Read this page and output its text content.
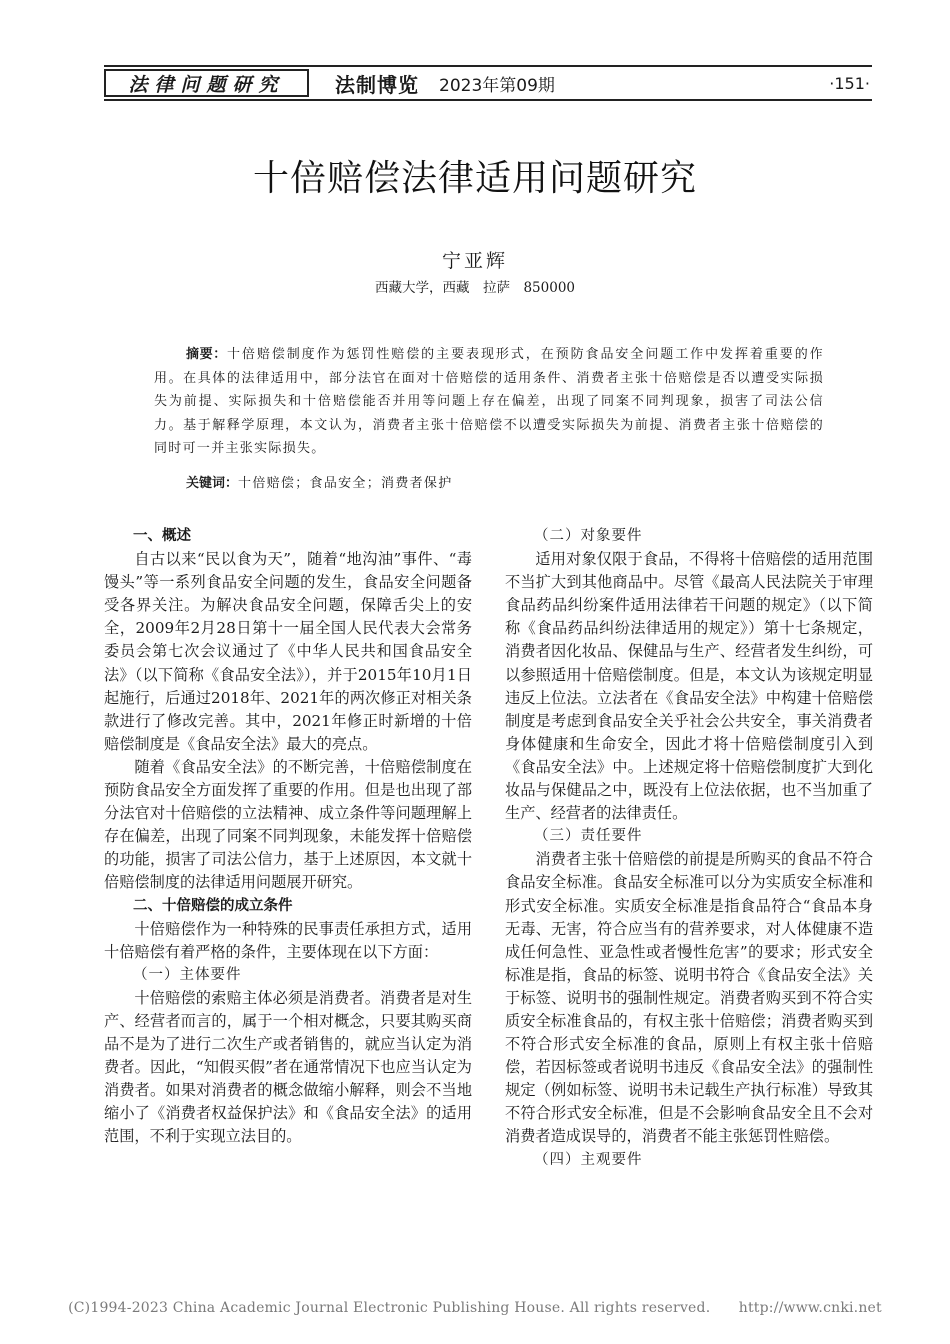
法律问题研究	法制博览 2023年第09期	·151·
十倍赔偿法律适用问题研究
宁亚辉
西藏大学，西藏　拉萨　850000
摘要：十倍赔偿制度作为惩罚性赔偿的主要表现形式，在预防食品安全问题工作中发挥着重要的作用。在具体的法律适用中，部分法官在面对十倍赔偿的适用条件、消费者主张十倍赔偿是否以遭受实际损失为前提、实际损失和十倍赔偿能否并用等问题上存在偏差，出现了同案不同判现象，损害了司法公信力。基于解释学原理，本文认为，消费者主张十倍赔偿不以遭受实际损失为前提、消费者主张十倍赔偿的同时可一并主张实际损失。
关键词：十倍赔偿；食品安全；消费者保护

一、概述

自古以来“民以食为天”，随着“地沟油”事件、“毒馒头”等一系列食品安全问题的发生，食品安全问题备受各界关注。为解决食品安全问题，保障舌尖上的安全，2009年2月28日第十一届全国人民代表大会常务委员会第七次会议通过了《中华人民共和国食品安全法》（以下简称《食品安全法》），并于2015年10月1日起施行，后通过2018年、2021年的两次修正对相关条款进行了修改完善。其中，2021年修正时新增的十倍赔偿制度是《食品安全法》最大的亮点。

随着《食品安全法》的不断完善，十倍赔偿制度在预防食品安全方面发挥了重要的作用。但是也出现了部分法官对十倍赔偿的立法精神、成立条件等问题理解上存在偏差，出现了同案不同判现象，未能发挥十倍赔偿的功能，损害了司法公信力，基于上述原因，本文就十倍赔偿制度的法律适用问题展开研究。

二、十倍赔偿的成立条件

十倍赔偿作为一种特殊的民事责任承担方式，适用十倍赔偿有着严格的条件，主要体现在以下方面：

（一）主体要件

十倍赔偿的索赔主体必须是消费者。消费者是对生产、经营者而言的，属于一个相对概念，只要其购买商品不是为了进行二次生产或者销售的，就应当认定为消费者。因此，“知假买假”者在通常情况下也应当认定为消费者。如果对消费者的概念做缩小解释，则会不当地缩小了《消费者权益保护法》和《食品安全法》的适用范围，不利于实现立法目的。

（二）对象要件

适用对象仅限于食品，不得将十倍赔偿的适用范围不当扩大到其他商品中。尽管《最高人民法院关于审理食品药品纠纷案件适用法律若干问题的规定》（以下简称《食品药品纠纷法律适用的规定》）第十七条规定，消费者因化妆品、保健品与生产、经营者发生纠纷，可以参照适用十倍赔偿制度。但是，本文认为该规定明显违反上位法。立法者在《食品安全法》中构建十倍赔偿制度是考虑到食品安全关乎社会公共安全，事关消费者身体健康和生命安全，因此才将十倍赔偿制度引入到《食品安全法》中。上述规定将十倍赔偿制度扩大到化妆品与保健品之中，既没有上位法依据，也不当加重了生产、经营者的法律责任。

（三）责任要件

消费者主张十倍赔偿的前提是所购买的食品不符合食品安全标准。食品安全标准可以分为实质安全标准和形式安全标准。实质安全标准是指食品符合“食品本身无毒、无害，符合应当有的营养要求，对人体健康不造成任何急性、亚急性或者慢性危害”的要求；形式安全标准是指，食品的标签、说明书符合《食品安全法》关于标签、说明书的强制性规定。消费者购买到不符合实质安全标准食品的，有权主张十倍赔偿；消费者购买到不符合形式安全标准的食品，原则上有权主张十倍赔偿，若因标签或者说明书违反《食品安全法》的强制性规定（例如标签、说明书未记载生产执行标准）导致其不符合形式安全标准，但是不会影响食品安全且不会对消费者造成误导的，消费者不能主张惩罚性赔偿。

（四）主观要件

(C)1994-2023 China Academic Journal Electronic Publishing House. All rights reserved.　　http://www.cnki.net
